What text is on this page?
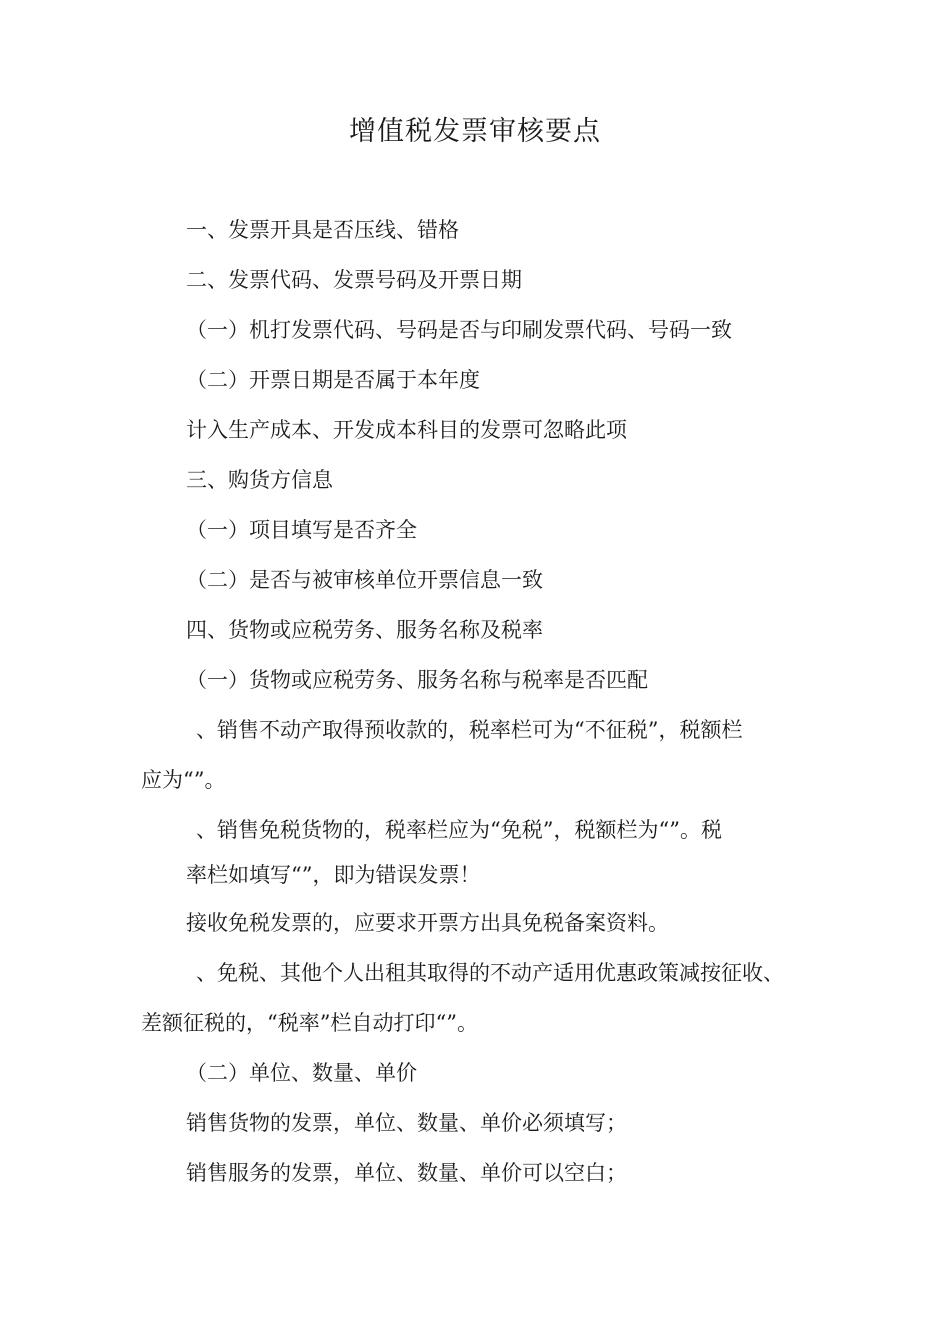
增值税发票审核要点
一、发票开具是否压线、错格
二、发票代码、发票号码及开票日期
（一）机打发票代码、号码是否与印刷发票代码、号码一致
（二）开票日期是否属于本年度
计入生产成本、开发成本科目的发票可忽略此项
三、购货方信息
（一）项目填写是否齐全
（二）是否与被审核单位开票信息一致
四、货物或应税劳务、服务名称及税率
（一）货物或应税劳务、服务名称与税率是否匹配
、销售不动产取得预收款的，税率栏可为“不征税”，税额栏
应为“”。
、销售免税货物的，税率栏应为“免税”，税额栏为“”。税
率栏如填写“”，即为错误发票！
接收免税发票的，应要求开票方出具免税备案资料。
、免税、其他个人出租其取得的不动产适用优惠政策减按征收、
差额征税的，“税率”栏自动打印“”。
（二）单位、数量、单价
销售货物的发票，单位、数量、单价必须填写；
销售服务的发票，单位、数量、单价可以空白；
